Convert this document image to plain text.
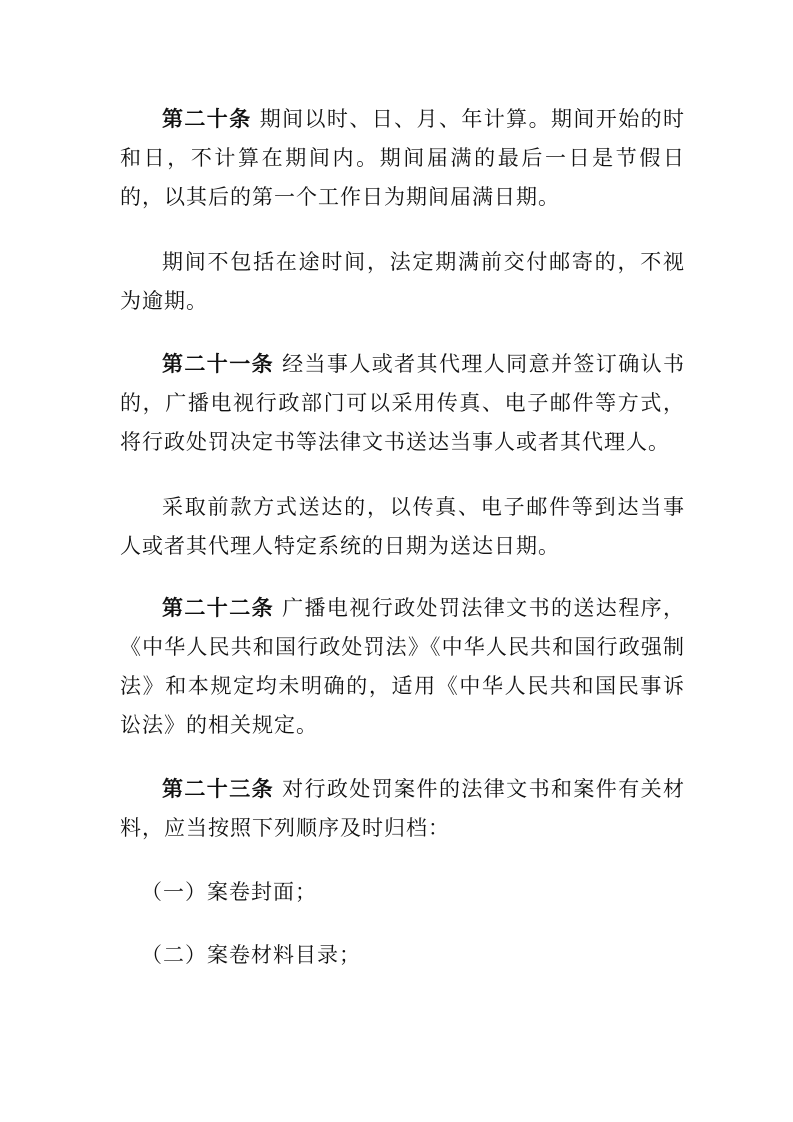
第二十条 期间以时、日、月、年计算。期间开始的时和日，不计算在期间内。期间届满的最后一日是节假日的，以其后的第一个工作日为期间届满日期。

期间不包括在途时间，法定期满前交付邮寄的，不视为逾期。

第二十一条 经当事人或者其代理人同意并签订确认书的，广播电视行政部门可以采用传真、电子邮件等方式，将行政处罚决定书等法律文书送达当事人或者其代理人。

采取前款方式送达的，以传真、电子邮件等到达当事人或者其代理人特定系统的日期为送达日期。

第二十二条 广播电视行政处罚法律文书的送达程序，《中华人民共和国行政处罚法》《中华人民共和国行政强制法》和本规定均未明确的，适用《中华人民共和国民事诉讼法》的相关规定。

第二十三条 对行政处罚案件的法律文书和案件有关材料，应当按照下列顺序及时归档：

（一）案卷封面；

（二）案卷材料目录；
